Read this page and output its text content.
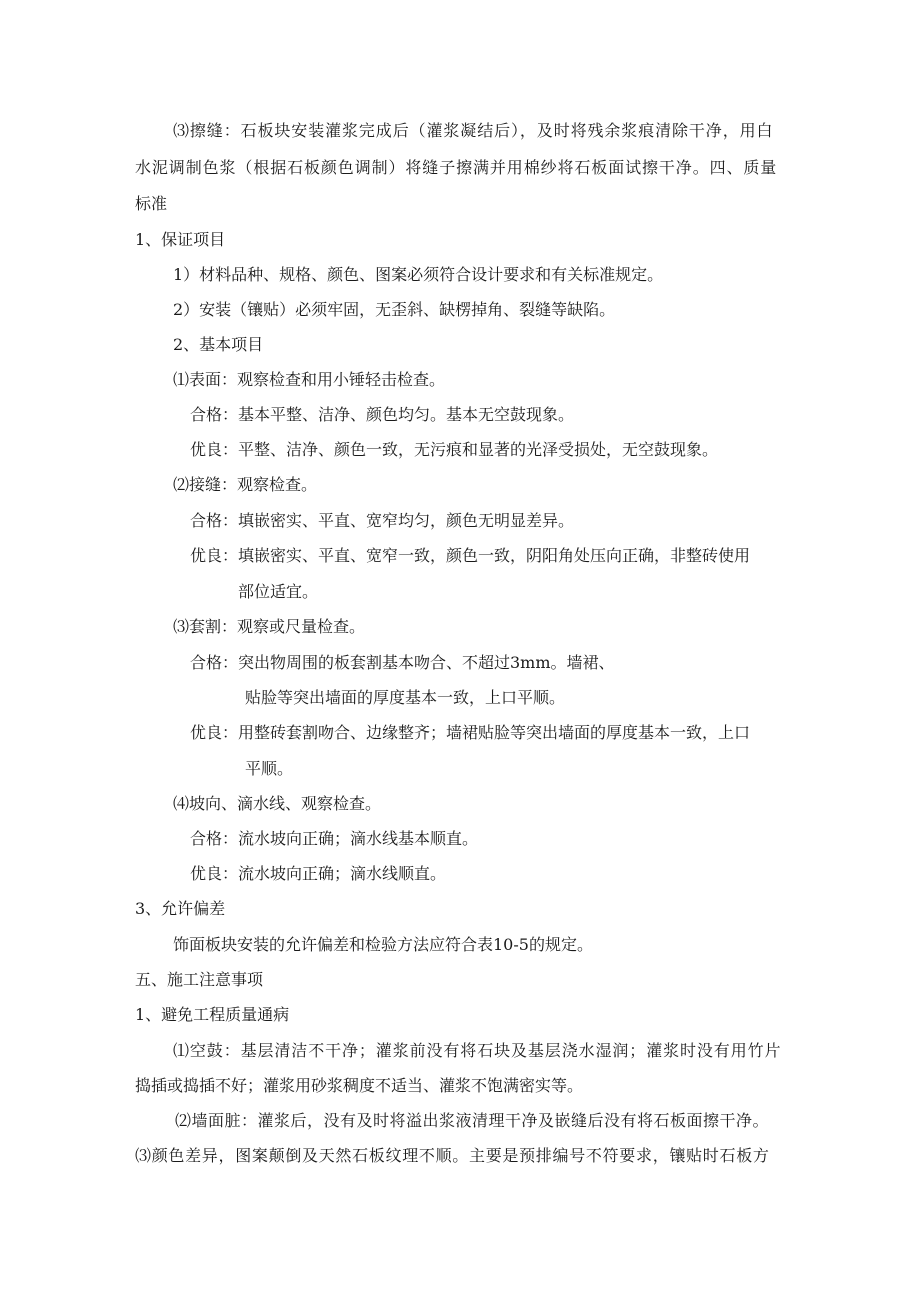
⑶擦缝：石板块安装灌浆完成后（灌浆凝结后），及时将残余浆痕清除干净，用白
水泥调制色浆（根据石板颜色调制）将缝子擦满并用棉纱将石板面试擦干净。四、质量
标准
1、保证项目
1）材料品种、规格、颜色、图案必须符合设计要求和有关标准规定。
2）安装（镶贴）必须牢固，无歪斜、缺楞掉角、裂缝等缺陷。
2、基本项目
⑴表面：观察检查和用小锤轻击检查。
合格：基本平整、洁净、颜色均匀。基本无空鼓现象。
优良：平整、洁净、颜色一致，无污痕和显著的光泽受损处，无空鼓现象。
⑵接缝：观察检查。
合格：填嵌密实、平直、宽窄均匀，颜色无明显差异。
优良：填嵌密实、平直、宽窄一致，颜色一致，阴阳角处压向正确，非整砖使用
部位适宜。
⑶套割：观察或尺量检查。
合格：突出物周围的板套割基本吻合、不超过3mm。墙裙、
贴脸等突出墙面的厚度基本一致，上口平顺。
优良：用整砖套割吻合、边缘整齐；墙裙贴脸等突出墙面的厚度基本一致，上口
平顺。
⑷坡向、滴水线、观察检查。
合格：流水坡向正确；滴水线基本顺直。
优良：流水坡向正确；滴水线顺直。
3、允许偏差
饰面板块安装的允许偏差和检验方法应符合表10-5的规定。
五、施工注意事项
1、避免工程质量通病
⑴空鼓：基层清洁不干净；灌浆前没有将石块及基层浇水湿润；灌浆时没有用竹片
捣插或捣插不好；灌浆用砂浆稠度不适当、灌浆不饱满密实等。
⑵墙面脏：灌浆后，没有及时将溢出浆液清理干净及嵌缝后没有将石板面擦干净。
⑶颜色差异，图案颠倒及天然石板纹理不顺。主要是预排编号不符要求，镶贴时石板方
